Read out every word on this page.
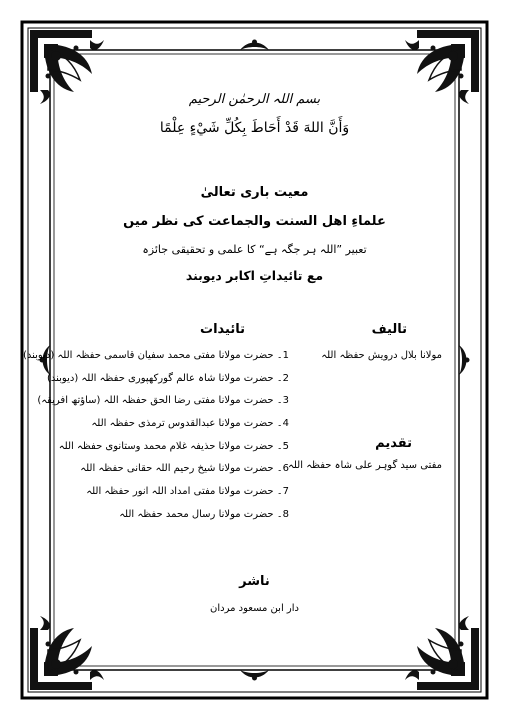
بسم اللہ الرحمٰن الرحیم
وَأَنَّ اللهَ قَدْ أَحَاطَ بِكُلِّ شَيْءٍ عِلْمًا
معیت باری تعالیٰ
علماءِ اهل السنت والجماعت کی نظر میں
تعبیر ”اللہ ہر جگہ ہے“ کا علمی و تحقیقی جائزہ
مع تائیداتِ اکابر دیوبند
تالیف
مولانا بلال درویش حفظہ اللہ
تقدیم
مفتی سید گوہر علی شاہ حفظہ اللہ
تائیدات
1۔ حضرت مولانا مفتی محمد سفیان قاسمی حفظہ اللہ (دیوبند)
2۔ حضرت مولانا شاہ عالم گورکھپوری حفظہ اللہ (دیوبند)
3۔ حضرت مولانا مفتی رضا الحق حفظہ اللہ (ساؤتھ افریقہ)
4۔ حضرت مولانا عبدالقدوس ترمذی حفظہ اللہ
5۔ حضرت مولانا حذیفہ غلام محمد وستانوی حفظہ اللہ
6۔ حضرت مولانا شیخ رحیم اللہ حقانی حفظہ اللہ
7۔ حضرت مولانا مفتی امداد اللہ انور حفظہ اللہ
8۔ حضرت مولانا رسال محمد حفظہ اللہ
ناشر
دار ابن مسعود مردان
